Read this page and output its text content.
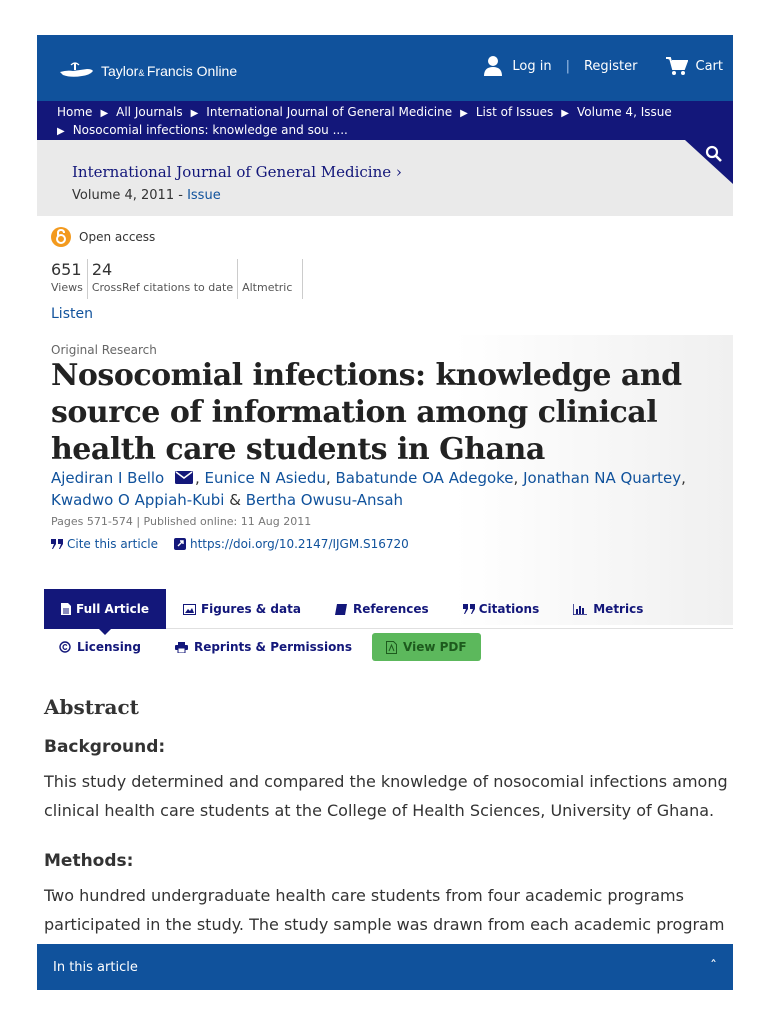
Taylor& Francis Online	Log in | Register	Cart
Home ▶ All Journals ▶ International Journal of General Medicine ▶ List of Issues ▶ Volume 4, Issue
▶ Nosocomial infections: knowledge and sou ....
International Journal of General Medicine ›
Volume 4, 2011 - Issue
Open access
651
Views
24
CrossRef citations to date Altmetric
Listen
Original Research
Nosocomial infections: knowledge and source of information among clinical health care students in Ghana
Ajediran I Bello , Eunice N Asiedu, Babatunde OA Adegoke, Jonathan NA Quartey, Kwadwo O Appiah-Kubi & Bertha Owusu-Ansah
Pages 571-574 | Published online: 11 Aug 2011
Cite this article	https://doi.org/10.2147/IJGM.S16720
Full Article	Figures & data	References	Citations	Metrics
Licensing	Reprints & Permissions	View PDF
Abstract
Background:

This study determined and compared the knowledge of nosocomial infections among clinical health care students at the College of Health Sciences, University of Ghana.

Methods:

Two hundred undergraduate health care students from four academic programs participated in the study. The study sample was drawn from each academic program

In this article	ˆ
